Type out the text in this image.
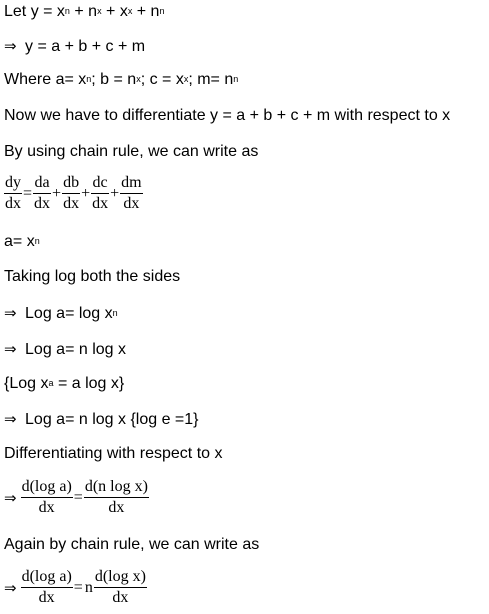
Let $y = x^n + n^x + x^x + n^n$
⇒ y = a + b + c + m
Where $a= x^n$; $b = n^x$; $c = x^x$; $m= n^n$
Now we have to differentiate y = a + b + c + m with respect to x
By using chain rule, we can write as
$\frac{dy}{dx} = \frac{da}{dx} + \frac{db}{dx} + \frac{dc}{dx} + \frac{dm}{dx}$
$a= x^n$
Taking log both the sides
⇒ Log $a= \log x^n$
⇒ Log a= n log x
{Log $x^a = a$ log x}
⇒ Log a= n log x {log e =1}
Differentiating with respect to x
⇒ $\frac{\text{d(log a)}}{dx} = \frac{\text{d(n log x)}}{dx}$
Again by chain rule, we can write as
⇒ $\frac{\text{d(log a)}}{dx} = n \frac{\text{d(log x)}}{dx}$
